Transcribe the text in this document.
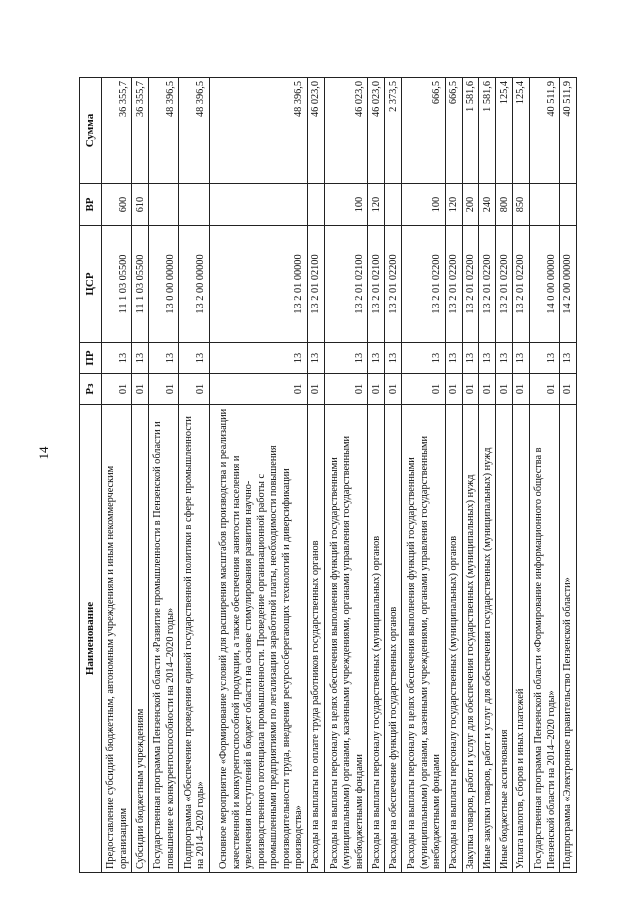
14
Наименование	Рз	ПР	ЦСР	ВР	Сумма
Предоставление субсидий бюджетным, автономным учреждениям и иным некоммерческим организациям	01	13	11 1 03 05500	600	36 355,7
Субсидии бюджетным учреждениям	01	13	11 1 03 05500	610	36 355,7
Государственная программа Пензенской области «Развитие промышленности в Пензенской области и повышение ее конкурентоспособности на 2014–2020 годы»	01	13	13 0 00 00000		48 396,5
Подпрограмма «Обеспечение проведения единой государственной политики в сфере промышленности на 2014–2020 годы»	01	13	13 2 00 00000		48 396,5
Основное мероприятие «Формирование условий для расширения масштабов производства и реализации качественной и конкурентоспособной продукции, а также обеспечения занятости населения и увеличения поступлений в бюджет области на основе стимулирования развития научно-производственного потенциала промышленности. Проведение организационной работы с промышленными предприятиями по легализации заработной платы, необходимости повышения производительности труда, внедрения ресурсосберегающих технологий и диверсификации производства»	01	13	13 2 01 00000		48 396,5
Расходы на выплаты по оплате труда работников государственных органов	01	13	13 2 01 02100		46 023,0
Расходы на выплаты персоналу в целях обеспечения выполнения функций государственными (муниципальными) органами, казенными учреждениями, органами управления государственными внебюджетными фондами	01	13	13 2 01 02100	100	46 023,0
Расходы на выплаты персоналу государственных (муниципальных) органов	01	13	13 2 01 02100	120	46 023,0
Расходы на обеспечение функций государственных органов	01	13	13 2 01 02200		2 373,5
Расходы на выплаты персоналу в целях обеспечения выполнения функций государственными (муниципальными) органами, казенными учреждениями, органами управления государственными внебюджетными фондами	01	13	13 2 01 02200	100	666,5
Расходы на выплаты персоналу государственных (муниципальных) органов	01	13	13 2 01 02200	120	666,5
Закупка товаров, работ и услуг для обеспечения государственных (муниципальных) нужд	01	13	13 2 01 02200	200	1 581,6
Иные закупки товаров, работ и услуг для обеспечения государственных (муниципальных) нужд	01	13	13 2 01 02200	240	1 581,6
Иные бюджетные ассигнования	01	13	13 2 01 02200	800	125,4
Уплата налогов, сборов и иных платежей	01	13	13 2 01 02200	850	125,4
Государственная программа Пензенской области «Формирование информационного общества в Пензенской области на 2014–2020 годы»	01	13	14 0 00 00000		40 511,9
Подпрограмма «Электронное правительство Пензенской области»	01	13	14 2 00 00000		40 511,9
